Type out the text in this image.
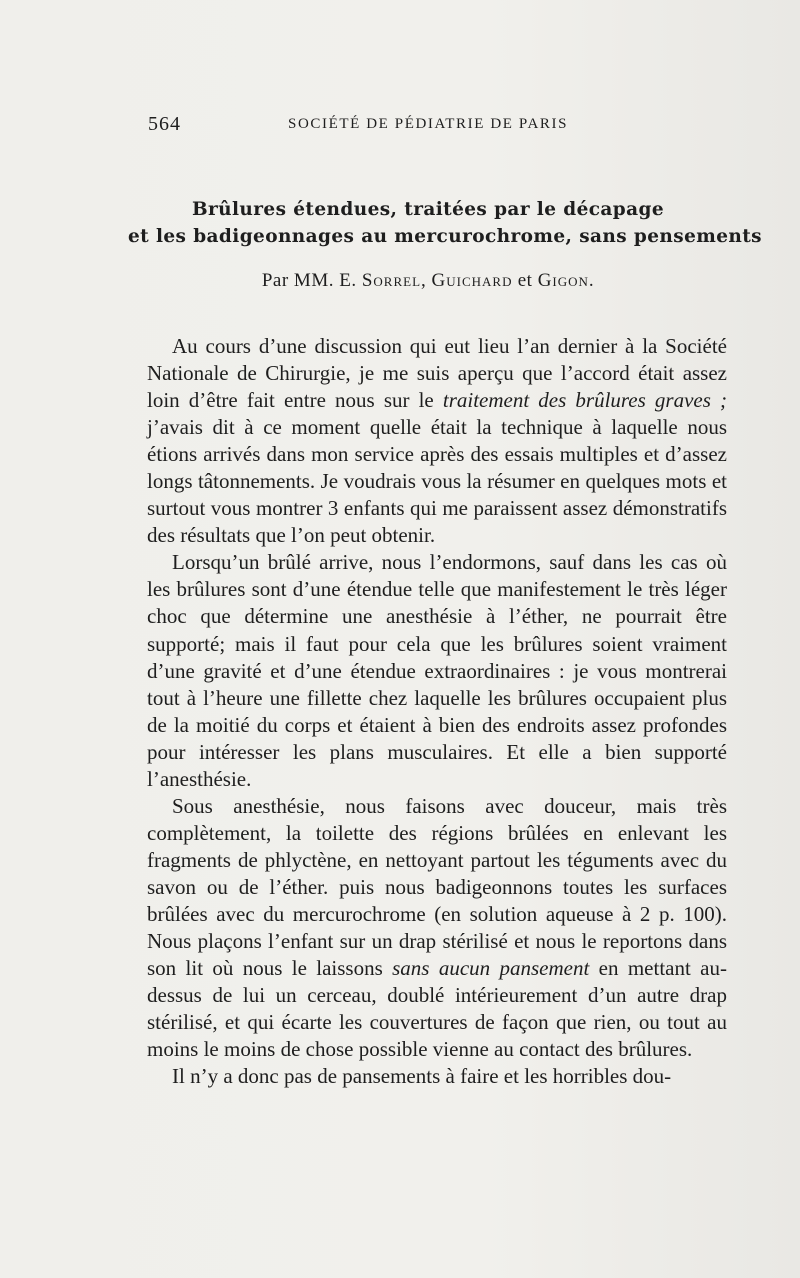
564	SOCIÉTÉ DE PÉDIATRIE DE PARIS
Brûlures étendues, traitées par le décapage
et les badigeonnages au mercurochrome, sans pensements
Par MM. E. Sorrel, Guichard et Gigon.

Au cours d’une discussion qui eut lieu l’an dernier à la Société Nationale de Chirurgie, je me suis aperçu que l’accord était assez loin d’être fait entre nous sur le traitement des brûlures graves ; j’avais dit à ce moment quelle était la technique à laquelle nous étions arrivés dans mon service après des essais multiples et d’assez longs tâtonnements. Je voudrais vous la résumer en quelques mots et surtout vous montrer 3 enfants qui me paraissent assez démonstratifs des résultats que l’on peut obtenir.

Lorsqu’un brûlé arrive, nous l’endormons, sauf dans les cas où les brûlures sont d’une étendue telle que manifestement le très léger choc que détermine une anesthésie à l’éther, ne pourrait être supporté; mais il faut pour cela que les brûlures soient vraiment d’une gravité et d’une étendue extraordinaires : je vous montrerai tout à l’heure une fillette chez laquelle les brûlures occupaient plus de la moitié du corps et étaient à bien des endroits assez profondes pour intéresser les plans musculaires. Et elle a bien supporté l’anesthésie.

Sous anesthésie, nous faisons avec douceur, mais très complètement, la toilette des régions brûlées en enlevant les fragments de phlyctène, en nettoyant partout les téguments avec du savon ou de l’éther. puis nous badigeonnons toutes les surfaces brûlées avec du mercurochrome (en solution aqueuse à 2 p. 100). Nous plaçons l’enfant sur un drap stérilisé et nous le reportons dans son lit où nous le laissons sans aucun pansement en mettant au-dessus de lui un cerceau, doublé intérieurement d’un autre drap stérilisé, et qui écarte les couvertures de façon que rien, ou tout au moins le moins de chose possible vienne au contact des brûlures.

Il n’y a donc pas de pansements à faire et les horribles dou-
